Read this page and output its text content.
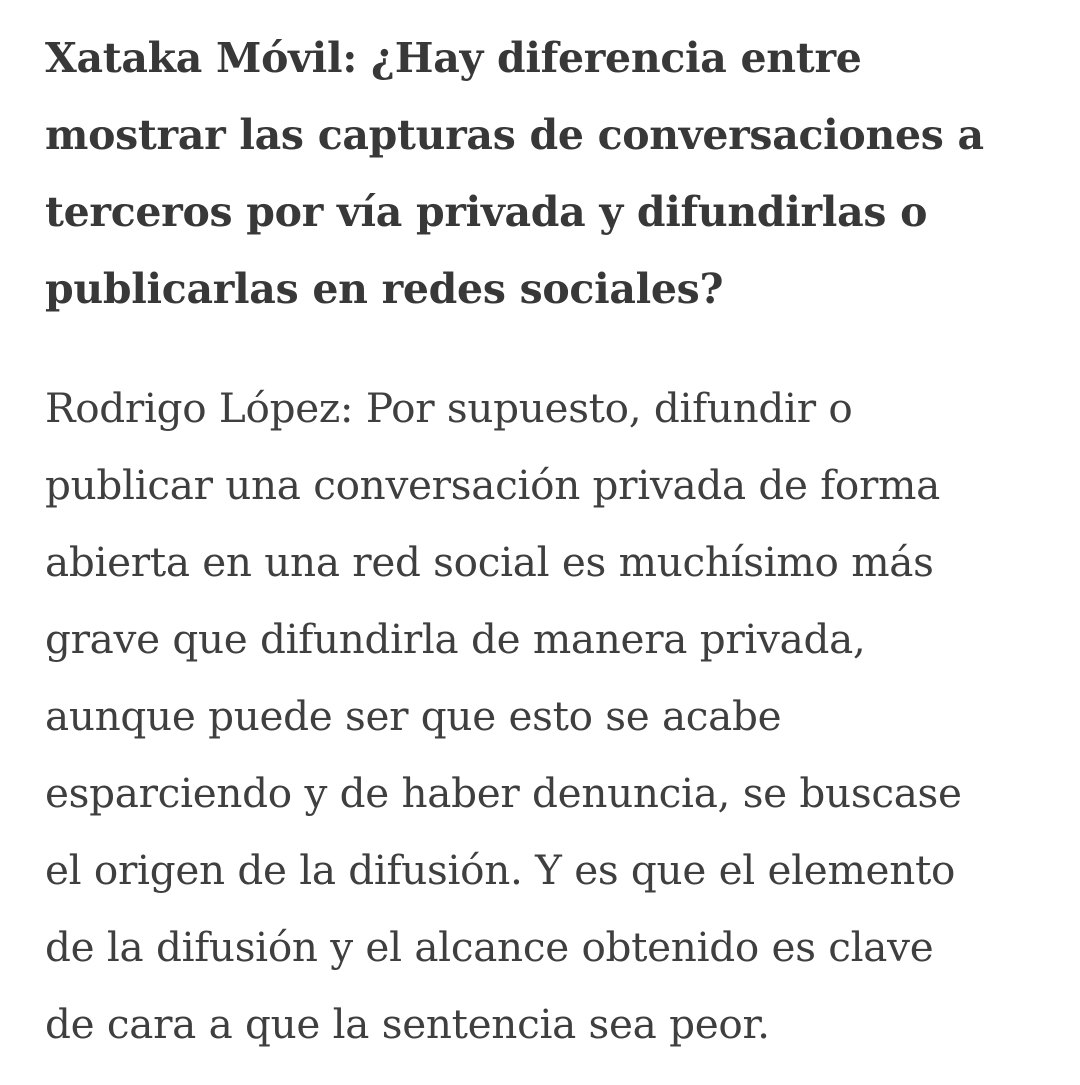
Xataka Móvil: ¿Hay diferencia entre
mostrar las capturas de conversaciones a
terceros por vía privada y difundirlas o
publicarlas en redes sociales?

Rodrigo López: Por supuesto, difundir o
publicar una conversación privada de forma
abierta en una red social es muchísimo más
grave que difundirla de manera privada,
aunque puede ser que esto se acabe
esparciendo y de haber denuncia, se buscase
el origen de la difusión. Y es que el elemento
de la difusión y el alcance obtenido es clave
de cara a que la sentencia sea peor.
